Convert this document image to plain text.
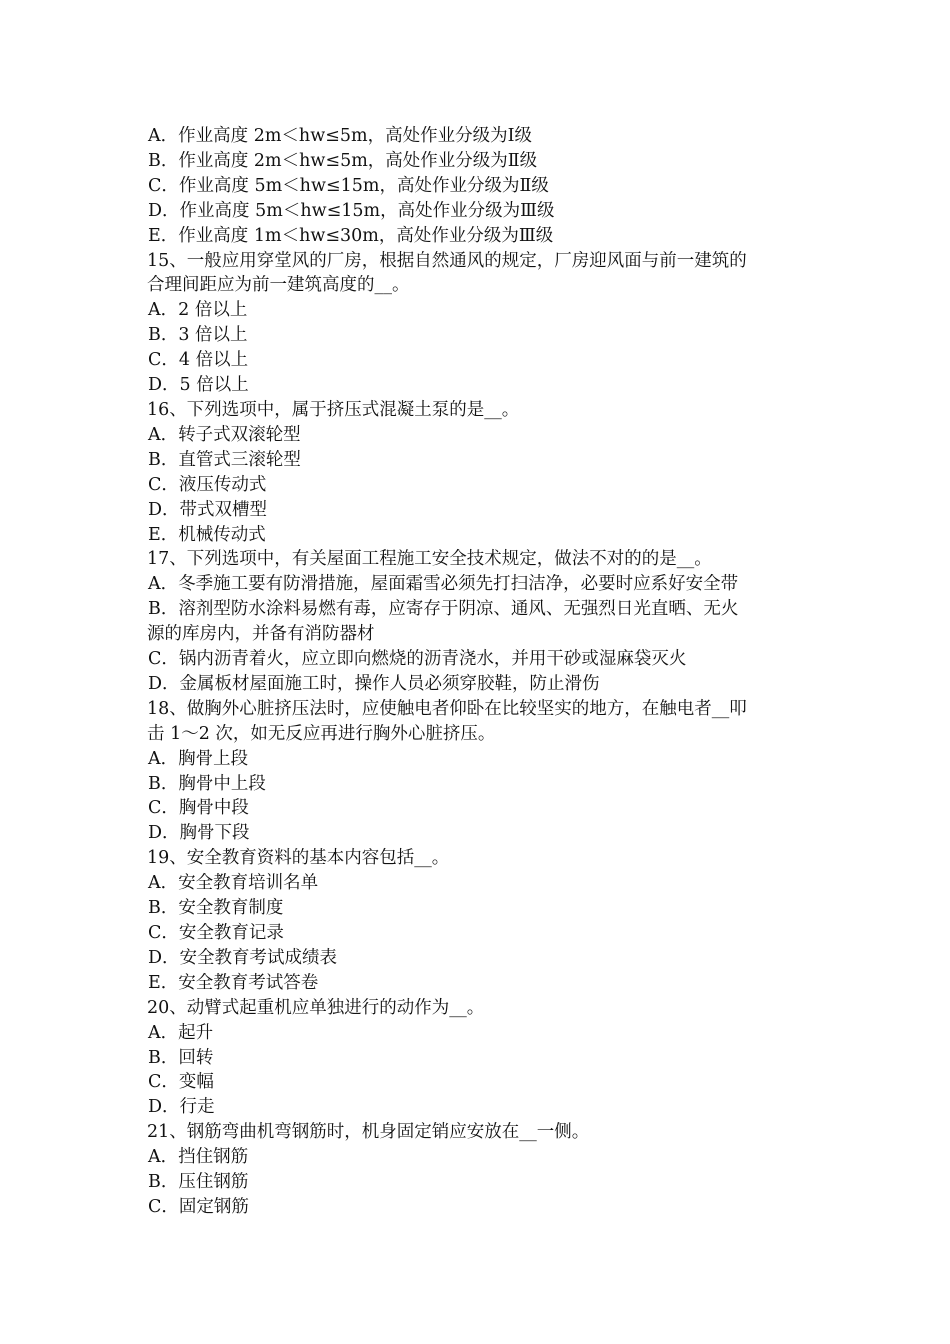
A．作业高度 2m＜hw≤5m，高处作业分级为Ⅰ级
B．作业高度 2m＜hw≤5m，高处作业分级为Ⅱ级
C．作业高度 5m＜hw≤15m，高处作业分级为Ⅱ级
D．作业高度 5m＜hw≤15m，高处作业分级为Ⅲ级
E．作业高度 1m＜hw≤30m，高处作业分级为Ⅲ级
15、一般应用穿堂风的厂房，根据自然通风的规定，厂房迎风面与前一建筑的
合理间距应为前一建筑高度的__。
A．2 倍以上
B．3 倍以上
C．4 倍以上
D．5 倍以上
16、下列选项中，属于挤压式混凝土泵的是__。
A．转子式双滚轮型
B．直管式三滚轮型
C．液压传动式
D．带式双槽型
E．机械传动式
17、下列选项中，有关屋面工程施工安全技术规定，做法不对的的是__。
A．冬季施工要有防滑措施，屋面霜雪必须先打扫洁净，必要时应系好安全带
B．溶剂型防水涂料易燃有毒，应寄存于阴凉、通风、无强烈日光直晒、无火
源的库房内，并备有消防器材
C．锅内沥青着火，应立即向燃烧的沥青浇水，并用干砂或湿麻袋灭火
D．金属板材屋面施工时，操作人员必须穿胶鞋，防止滑伤
18、做胸外心脏挤压法时，应使触电者仰卧在比较坚实的地方，在触电者__叩
击 1～2 次，如无反应再进行胸外心脏挤压。
A．胸骨上段
B．胸骨中上段
C．胸骨中段
D．胸骨下段
19、安全教育资料的基本内容包括__。
A．安全教育培训名单
B．安全教育制度
C．安全教育记录
D．安全教育考试成绩表
E．安全教育考试答卷
20、动臂式起重机应单独进行的动作为__。
A．起升
B．回转
C．变幅
D．行走
21、钢筋弯曲机弯钢筋时，机身固定销应安放在__一侧。
A．挡住钢筋
B．压住钢筋
C．固定钢筋
